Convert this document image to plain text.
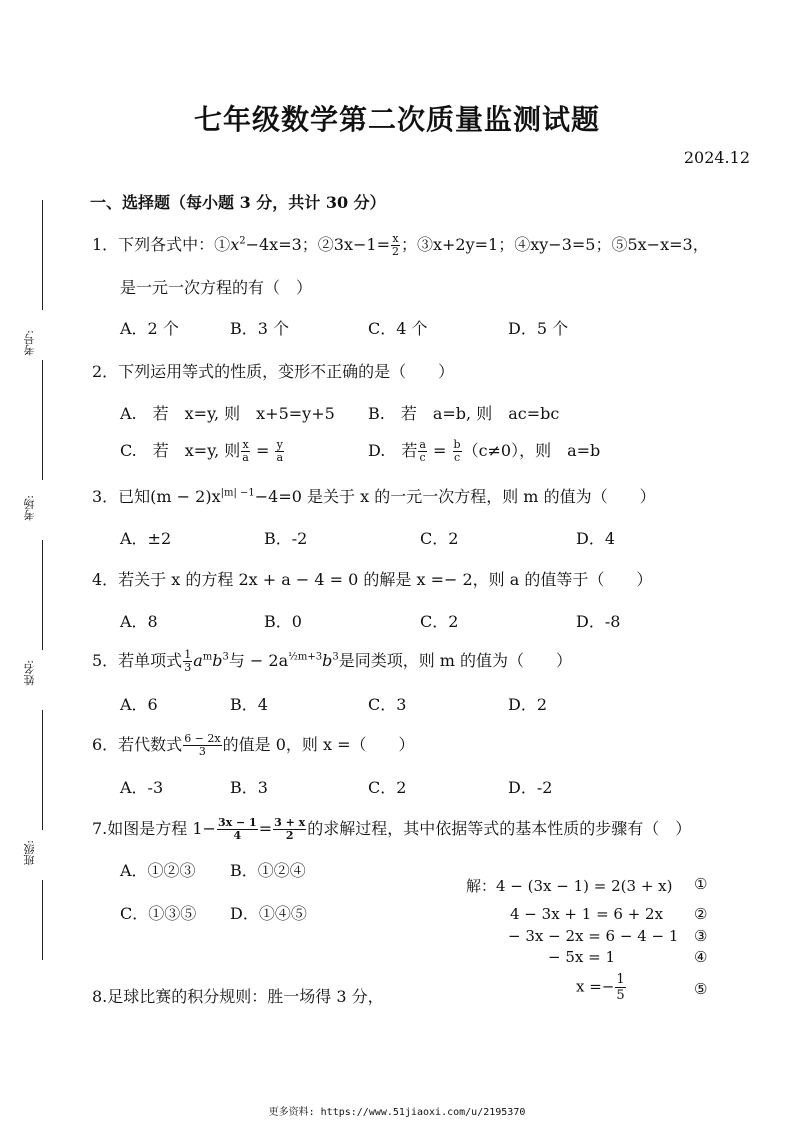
考号:
考场:
姓名:
班级:
七年级数学第二次质量监测试题
2024.12
一、选择题（每小题 3 分，共计 30 分）
1．下列各式中：$①x^2-4x=3$；②3x−1= $\frac{x}{2}$ ；③x+2y=1；④xy−3=5；⑤5x−x=3，
是一元一次方程的有（　）
A．2 个	B．3 个	C．4 个	D．5 个
2．下列运用等式的性质，变形不正确的是（　　）
A.　若　x=y, 则　x+5=y+5 B.　若　a=b, 则　ac=bc
C.　若　x=y, 则 $\frac{x}{a} = \frac{y}{a}$	D.　若 $\frac{a}{c} = \frac{b}{c} (c\ne 0)$，则　a=b
3．已知$(m - 2)x^{|m| -1}-4=0$ 是关于 x 的一元一次方程，则 m 的值为（　　）
A．±2	B．-2	C．2	D．4
4．若关于 x 的方程 2x + a − 4 = 0 的解是 x =− 2，则 a 的值等于（　　）
A．8	B．0	C．2	D．-8
5．若单项式 $\frac{1}{3} a^mb^3$与 − $2a^{\frac{1}{2}m+3}b^3$是同类项，则 m 的值为（　　）
A．6	B．4	C．3	D．2
6．若代数式 $\frac{6 - 2x}{3}$ 的值是 0，则 x =（　　）
A．-3	B．3	C．2	D．-2
7.如图是方程 $1- \frac{3x - 1}{4} = \frac{3 + x}{2}$ 的求解过程，其中依据等式的基本性质的步骤有（　）
A．①②③ B．①②④
C．①③⑤ D．①④⑤
解：4 − (3x − 1) = 2(3 + x) ①
4 − 3x + 1 = 6 + 2x ②
− 3x − 2x = 6 − 4 − 1 ③
− 5x = 1	④
$x =- \frac{1}{5}$	⑤
8.足球比赛的积分规则：胜一场得 3 分，
更多资料: https://www.51jiaoxi.com/u/2195370
